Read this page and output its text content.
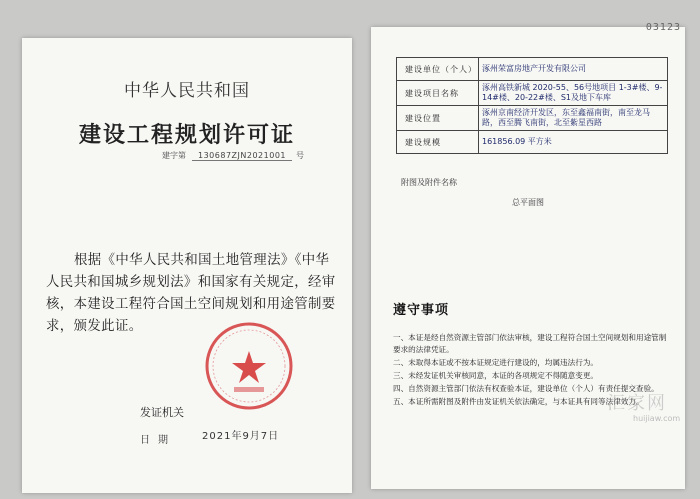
中华人民共和国
建设工程规划许可证
建字第 130687ZJN2021001 号
根据《中华人民共和国土地管理法》《中华人民共和国城乡规划法》和国家有关规定，经审核，本建设工程符合国土空间规划和用途管制要求，颁发此证。
发证机关
日期	2021年9月7日
03123
建设单位（个人）	涿州荣富房地产开发有限公司
建设项目名称	涿州高铁新城 2020-55、56号地项目 1-3#楼、9-14#楼、20-22#楼、S1及地下车库
建设位置	涿州京南经济开发区，东至鑫福南街，南至龙马路，西至腾飞南街，北至紫星西路
建设规模	161856.09 平方米
附图及附件名称
总平面图
遵守事项
一、本证是经自然资源主管部门依法审核，建设工程符合国土空间规划和用途管制要求的法律凭证。
二、未取得本证或不按本证规定进行建设的，均属违法行为。
三、未经发证机关审核同意，本证的各项规定不得随意变更。
四、自然资源主管部门依法有权查验本证，建设单位（个人）有责任提交查验。
五、本证所需附图及附件由发证机关依法确定，与本证具有同等法律效力。
汇家网
huijiaw.com
